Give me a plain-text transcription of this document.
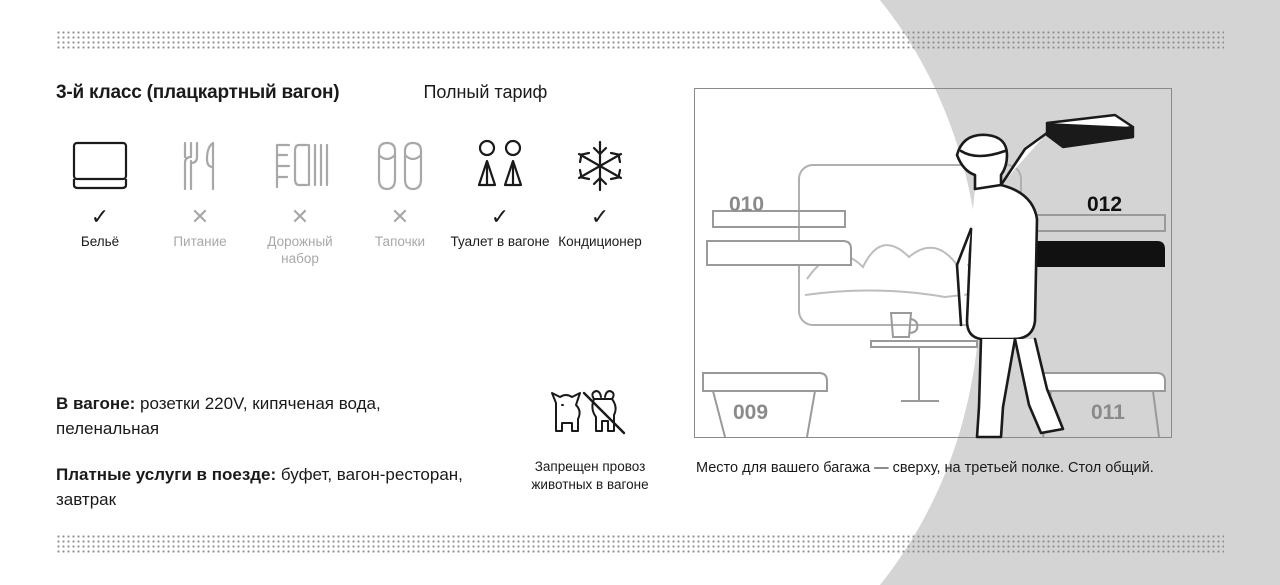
3-й класс (плацкартный вагон)	Полный тариф
✓
Бельё
✕
Питание
✕
Дорожный набор
✕
Тапочки
✓
Туалет в вагоне
✓
Кондиционер
В вагоне: розетки 220V, кипяченая вода, пеленальная
Платные услуги в поезде: буфет, вагон-ресторан, завтрак
Запрещен провоз животных в вагоне
010	012
009	011
Место для вашего багажа — сверху, на третьей полке. Стол общий.
